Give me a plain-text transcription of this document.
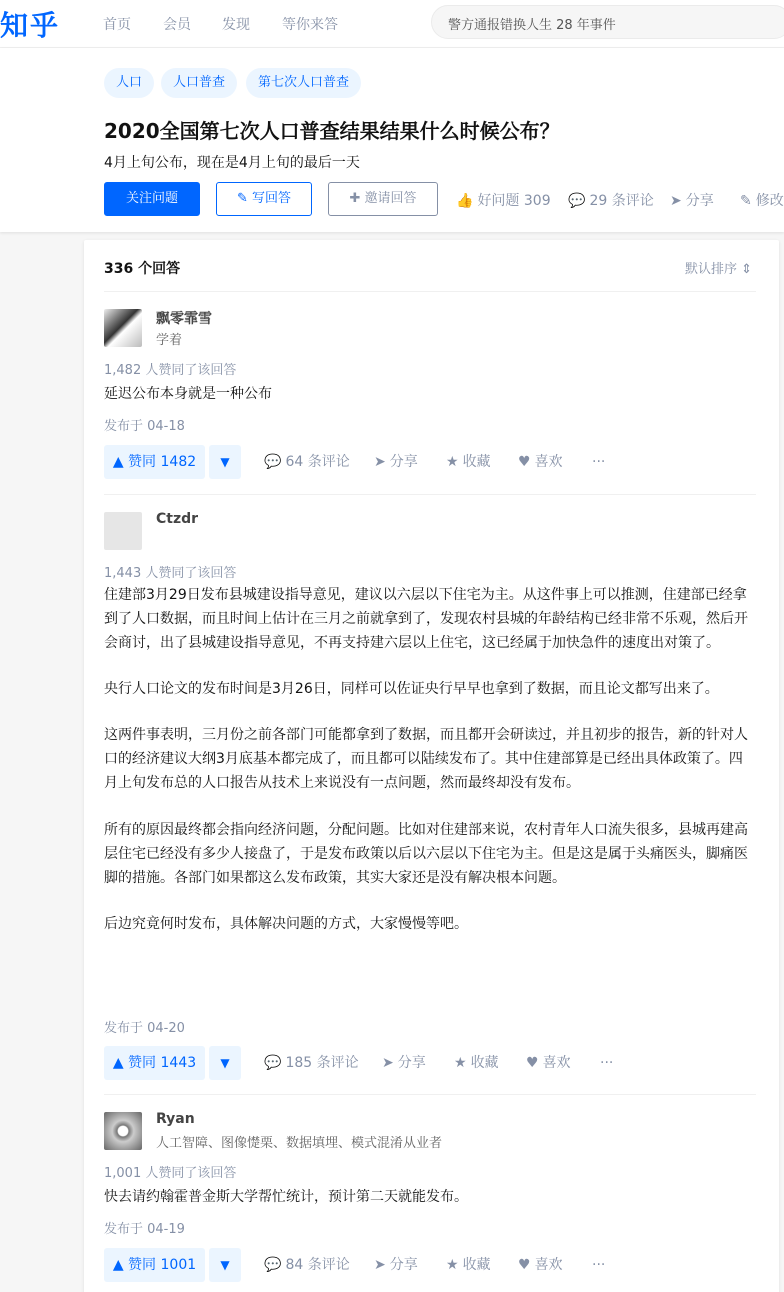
知乎	首页 会员 发现 等你来答	警方通报错换人生 28 年事件
人口	人口普查	第七次人口普查
2020全国第七次人口普查结果结果什么时候公布？
4月上旬公布，现在是4月上旬的最后一天
关注问题	✎ 写回答	✚ 邀请回答	👍 好问题 309 💬 29 条评论 ➤ 分享 ✎ 修改
336 个回答	默认排序 ⇕
飘零霏雪
学着
1,482 人赞同了该回答

延迟公布本身就是一种公布

发布于 04-18
▲ 赞同 1482	▼	💬 64 条评论 ➤ 分享 ★ 收藏 ♥ 喜欢 ···
Ctzdr
1,443 人赞同了该回答

住建部3月29日发布县城建设指导意见，建议以六层以下住宅为主。从这件事上可以推测，住建部已经拿到了人口数据，而且时间上估计在三月之前就拿到了，发现农村县城的年龄结构已经非常不乐观，然后开会商讨，出了县城建设指导意见，不再支持建六层以上住宅，这已经属于加快急件的速度出对策了。

央行人口论文的发布时间是3月26日，同样可以佐证央行早早也拿到了数据，而且论文都写出来了。

这两件事表明，三月份之前各部门可能都拿到了数据，而且都开会研读过，并且初步的报告，新的针对人口的经济建议大纲3月底基本都完成了，而且都可以陆续发布了。其中住建部算是已经出具体政策了。四月上旬发布总的人口报告从技术上来说没有一点问题，然而最终却没有发布。

所有的原因最终都会指向经济问题，分配问题。比如对住建部来说，农村青年人口流失很多，县城再建高层住宅已经没有多少人接盘了，于是发布政策以后以六层以下住宅为主。但是这是属于头痛医头，脚痛医脚的措施。各部门如果都这么发布政策，其实大家还是没有解决根本问题。

后边究竟何时发布，具体解决问题的方式，大家慢慢等吧。

发布于 04-20
▲ 赞同 1443	▼	💬 185 条评论 ➤ 分享 ★ 收藏 ♥ 喜欢 ···
Ryan
人工智障、图像憷栗、数据填埋、模式混淆从业者
1,001 人赞同了该回答

快去请约翰霍普金斯大学帮忙统计，预计第二天就能发布。

发布于 04-19
▲ 赞同 1001	▼	💬 84 条评论 ➤ 分享 ★ 收藏 ♥ 喜欢 ···
